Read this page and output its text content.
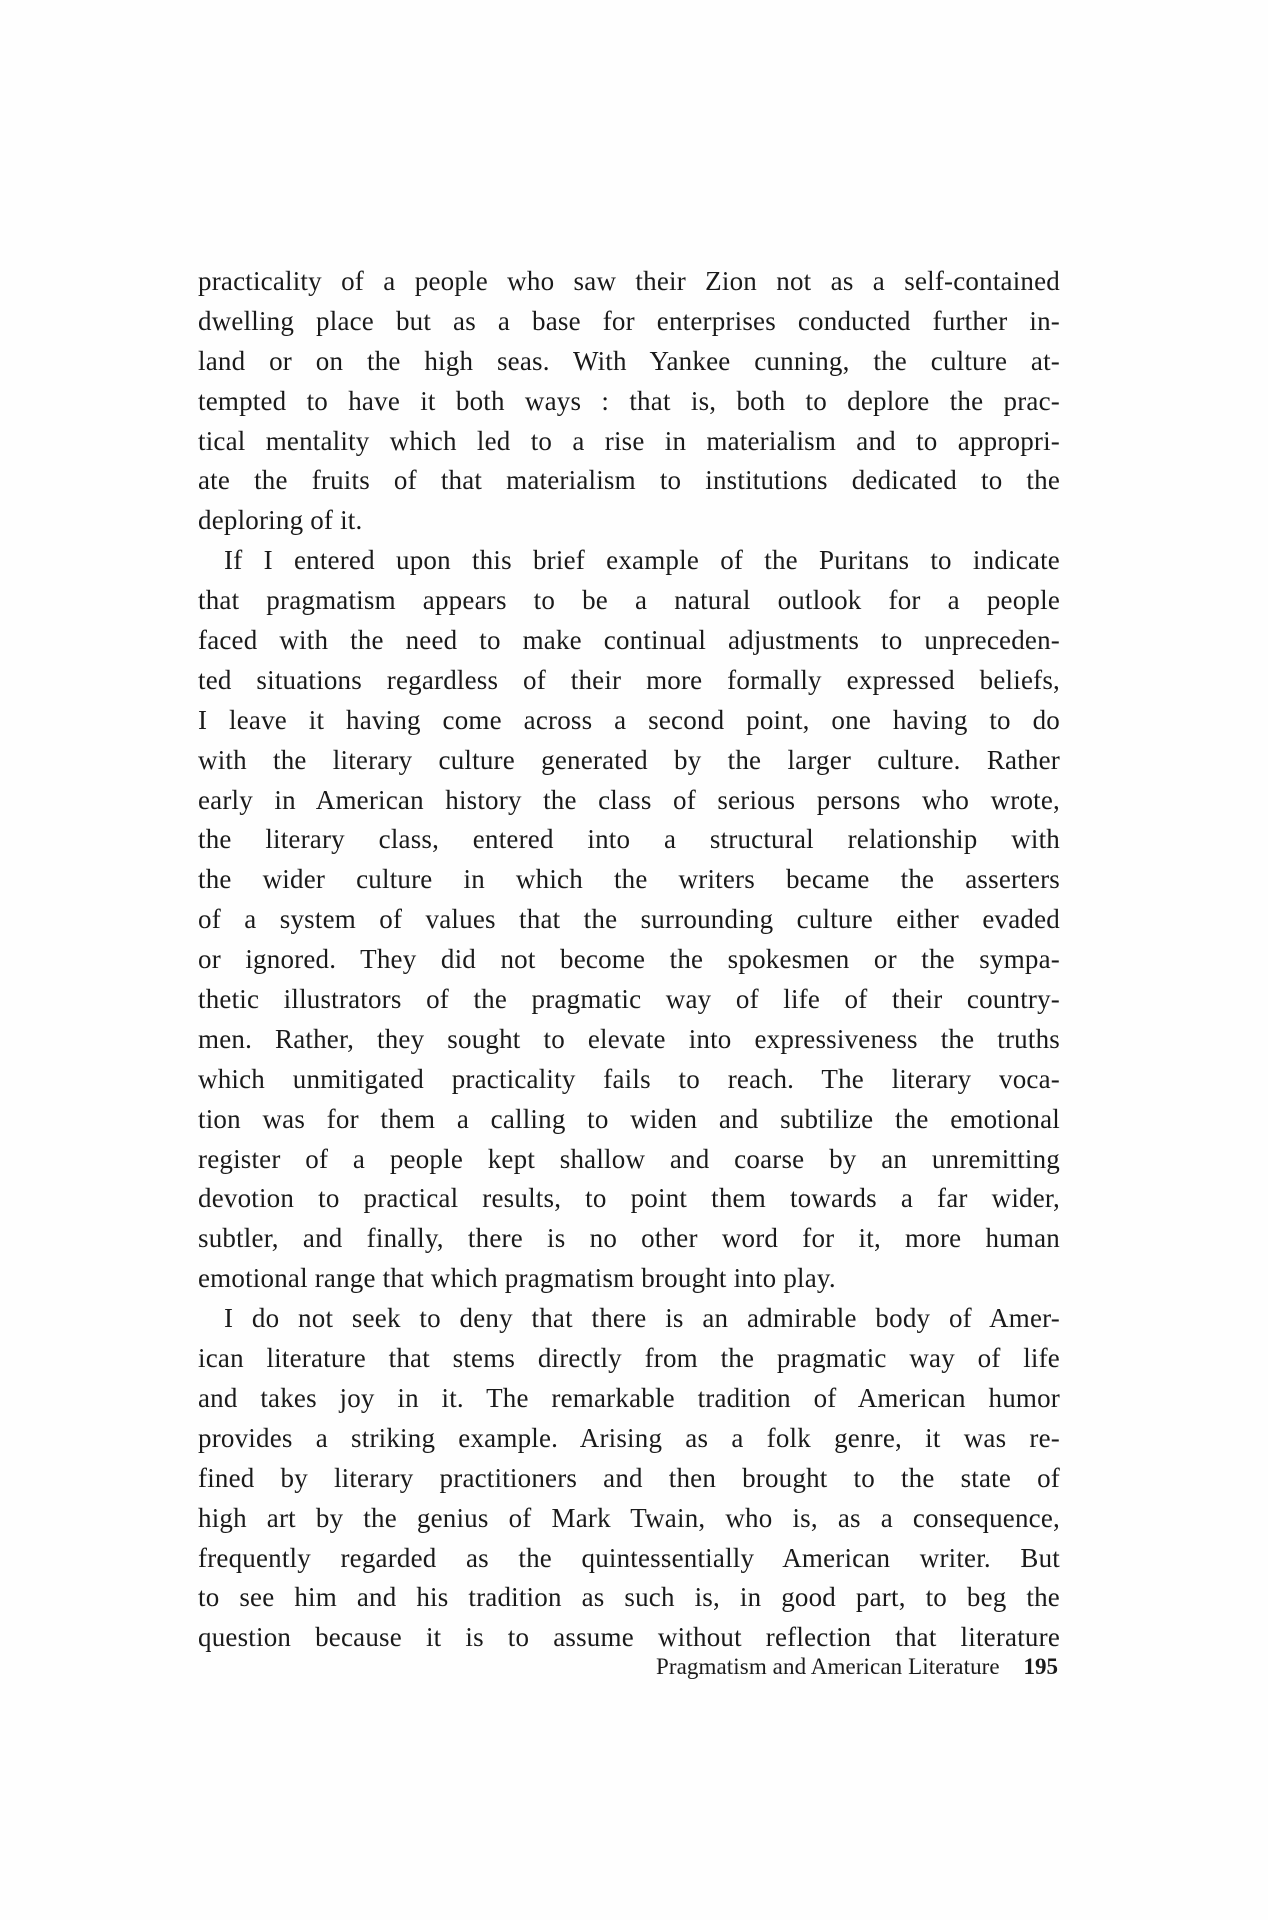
practicality of a people who saw their Zion not as a self-contained
dwelling place but as a base for enterprises conducted further in-
land or on the high seas. With Yankee cunning, the culture at-
tempted to have it both ways : that is, both to deplore the prac-
tical mentality which led to a rise in materialism and to appropri-
ate the fruits of that materialism to institutions dedicated to the
deploring of it.
If I entered upon this brief example of the Puritans to indicate
that pragmatism appears to be a natural outlook for a people
faced with the need to make continual adjustments to unpreceden-
ted situations regardless of their more formally expressed beliefs,
I leave it having come across a second point, one having to do
with the literary culture generated by the larger culture. Rather
early in American history the class of serious persons who wrote,
the literary class, entered into a structural relationship with
the wider culture in which the writers became the asserters
of a system of values that the surrounding culture either evaded
or ignored. They did not become the spokesmen or the sympa-
thetic illustrators of the pragmatic way of life of their country-
men. Rather, they sought to elevate into expressiveness the truths
which unmitigated practicality fails to reach. The literary voca-
tion was for them a calling to widen and subtilize the emotional
register of a people kept shallow and coarse by an unremitting
devotion to practical results, to point them towards a far wider,
subtler, and finally, there is no other word for it, more human
emotional range that which pragmatism brought into play.
I do not seek to deny that there is an admirable body of Amer-
ican literature that stems directly from the pragmatic way of life
and takes joy in it. The remarkable tradition of American humor
provides a striking example. Arising as a folk genre, it was re-
fined by literary practitioners and then brought to the state of
high art by the genius of Mark Twain, who is, as a consequence,
frequently regarded as the quintessentially American writer. But
to see him and his tradition as such is, in good part, to beg the
question because it is to assume without reflection that literature
Pragmatism and American Literature 195
